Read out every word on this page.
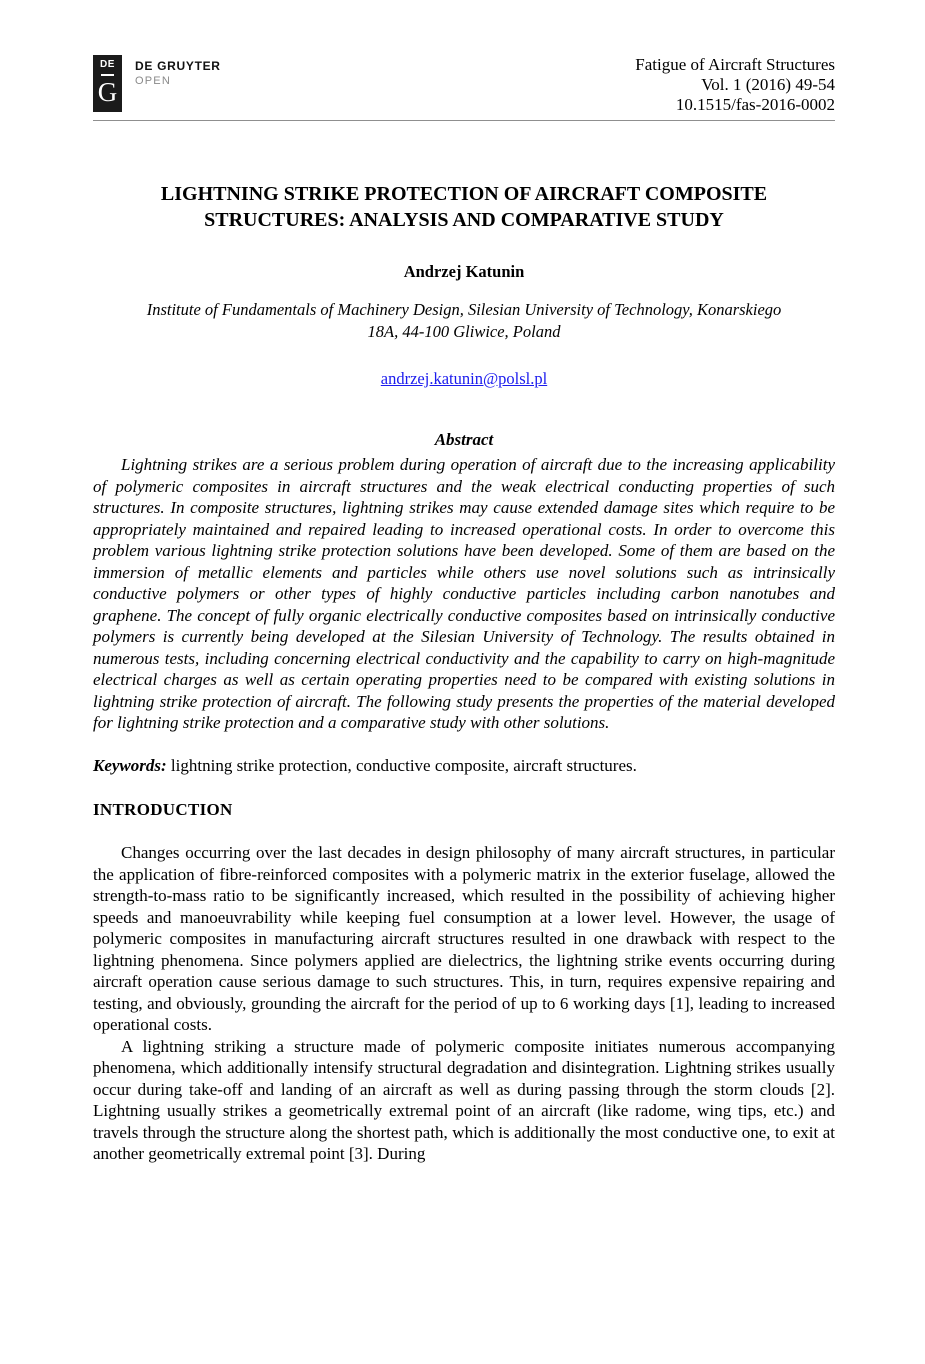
DE
G
DE GRUYTER
OPEN
Fatigue of Aircraft Structures
Vol. 1 (2016) 49-54
10.1515/fas-2016-0002
LIGHTNING STRIKE PROTECTION OF AIRCRAFT COMPOSITE STRUCTURES: ANALYSIS AND COMPARATIVE STUDY
Andrzej Katunin
Institute of Fundamentals of Machinery Design, Silesian University of Technology, Konarskiego 18A, 44-100 Gliwice, Poland
andrzej.katunin@polsl.pl
Abstract

Lightning strikes are a serious problem during operation of aircraft due to the increasing applicability of polymeric composites in aircraft structures and the weak electrical conducting properties of such structures. In composite structures, lightning strikes may cause extended damage sites which require to be appropriately maintained and repaired leading to increased operational costs. In order to overcome this problem various lightning strike protection solutions have been developed. Some of them are based on the immersion of metallic elements and particles while others use novel solutions such as intrinsically conductive polymers or other types of highly conductive particles including carbon nanotubes and graphene. The concept of fully organic electrically conductive composites based on intrinsically conductive polymers is currently being developed at the Silesian University of Technology. The results obtained in numerous tests, including concerning electrical conductivity and the capability to carry on high-magnitude electrical charges as well as certain operating properties need to be compared with existing solutions in lightning strike protection of aircraft. The following study presents the properties of the material developed for lightning strike protection and a comparative study with other solutions.

Keywords: lightning strike protection, conductive composite, aircraft structures.

INTRODUCTION

Changes occurring over the last decades in design philosophy of many aircraft structures, in particular the application of fibre-reinforced composites with a polymeric matrix in the exterior fuselage, allowed the strength-to-mass ratio to be significantly increased, which resulted in the possibility of achieving higher speeds and manoeuvrability while keeping fuel consumption at a lower level. However, the usage of polymeric composites in manufacturing aircraft structures resulted in one drawback with respect to the lightning phenomena. Since polymers applied are dielectrics, the lightning strike events occurring during aircraft operation cause serious damage to such structures. This, in turn, requires expensive repairing and testing, and obviously, grounding the aircraft for the period of up to 6 working days [1], leading to increased operational costs.

A lightning striking a structure made of polymeric composite initiates numerous accompanying phenomena, which additionally intensify structural degradation and disintegration. Lightning strikes usually occur during take-off and landing of an aircraft as well as during passing through the storm clouds [2]. Lightning usually strikes a geometrically extremal point of an aircraft (like radome, wing tips, etc.) and travels through the structure along the shortest path, which is additionally the most conductive one, to exit at another geometrically extremal point [3]. During
